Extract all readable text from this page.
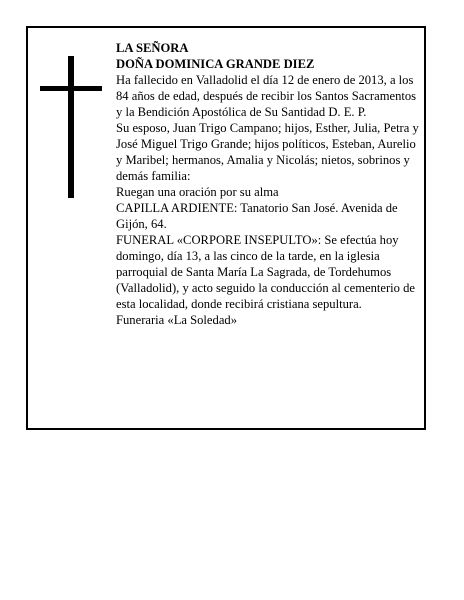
LA SEÑORA

DOÑA DOMINICA GRANDE DIEZ

Ha fallecido en Valladolid el día 12 de enero de 2013, a los 84 años de edad, después de recibir los Santos Sacramentos y la Bendición Apostólica de Su Santidad D. E. P.

Su esposo, Juan Trigo Campano; hijos, Esther, Julia, Petra y José Miguel Trigo Grande; hijos políticos, Esteban, Aurelio y Maribel; hermanos, Amalia y Nicolás; nietos, sobrinos y demás familia:

Ruegan una oración por su alma

CAPILLA ARDIENTE: Tanatorio San José. Avenida de Gijón, 64.

FUNERAL «CORPORE INSEPULTO»: Se efectúa hoy domingo, día 13, a las cinco de la tarde, en la iglesia parroquial de Santa María La Sagrada, de Tordehumos (Valladolid), y acto seguido la conducción al cementerio de esta localidad, donde recibirá cristiana sepultura.

Funeraria «La Soledad»
